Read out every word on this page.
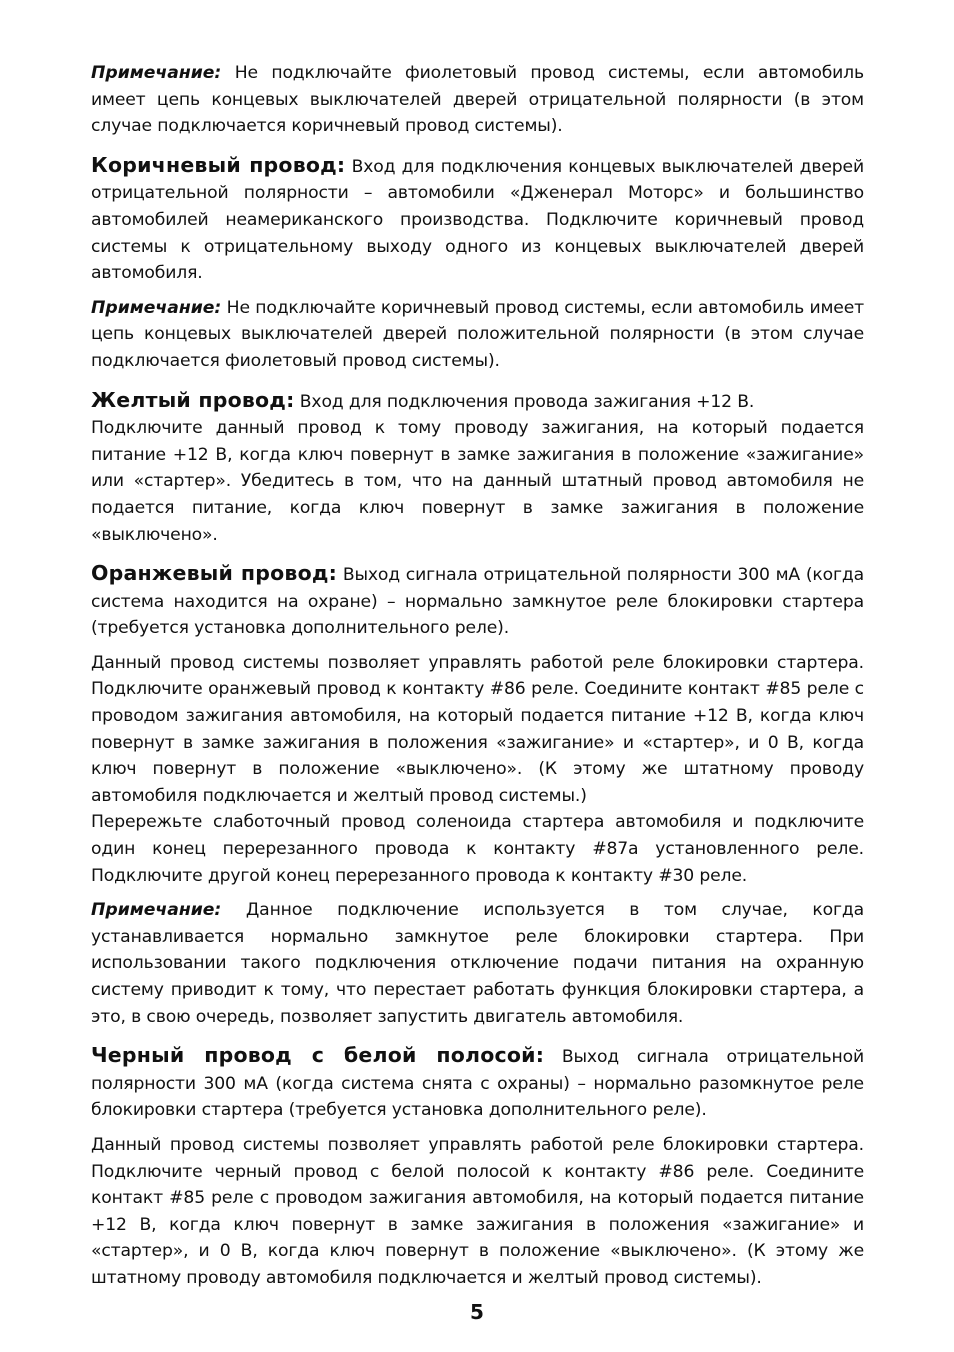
Примечание: Не подключайте фиолетовый провод системы, если автомобиль имеет цепь концевых выключателей дверей отрицательной полярности (в этом случае подключается коричневый провод системы).

Коричневый провод: Вход для подключения концевых выключателей дверей отрицательной полярности – автомобили «Дженерал Моторс» и большинство автомобилей неамериканского производства. Подключите коричневый провод системы к отрицательному выходу одного из концевых выключателей дверей автомобиля.

Примечание: Не подключайте коричневый провод системы, если автомобиль имеет цепь концевых выключателей дверей положительной полярности (в этом случае подключается фиолетовый провод системы).

Желтый провод: Вход для подключения провода зажигания +12 В.

Подключите данный провод к тому проводу зажигания, на который подается питание +12 В, когда ключ повернут в замке зажигания в положение «зажигание» или «стартер». Убедитесь в том, что на данный штатный провод автомобиля не подается питание, когда ключ повернут в замке зажигания в положение «выключено».

Оранжевый провод: Выход сигнала отрицательной полярности 300 мА (когда система находится на охране) – нормально замкнутое реле блокировки стартера (требуется установка дополнительного реле).

Данный провод системы позволяет управлять работой реле блокировки стартера. Подключите оранжевый провод к контакту #86 реле. Соедините контакт #85 реле с проводом зажигания автомобиля, на который подается питание +12 В, когда ключ повернут в замке зажигания в положения «зажигание» и «стартер», и 0 В, когда ключ повернут в положение «выключено». (К этому же штатному проводу автомобиля подключается и желтый провод системы.)

Перережьте слаботочный провод соленоида стартера автомобиля и подключите один конец перерезанного провода к контакту #87а установленного реле. Подключите другой конец перерезанного провода к контакту #30 реле.

Примечание: Данное подключение используется в том случае, когда устанавливается нормально замкнутое реле блокировки стартера. При использовании такого подключения отключение подачи питания на охранную систему приводит к тому, что перестает работать функция блокировки стартера, а это, в свою очередь, позволяет запустить двигатель автомобиля.

Черный провод с белой полосой: Выход сигнала отрицательной полярности 300 мА (когда система снята с охраны) – нормально разомкнутое реле блокировки стартера (требуется установка дополнительного реле).

Данный провод системы позволяет управлять работой реле блокировки стартера. Подключите черный провод с белой полосой к контакту #86 реле. Соедините контакт #85 реле с проводом зажигания автомобиля, на который подается питание +12 В, когда ключ повернут в замке зажигания в положения «зажигание» и «стартер», и 0 В, когда ключ повернут в положение «выключено». (К этому же штатному проводу автомобиля подключается и желтый провод системы).

5
